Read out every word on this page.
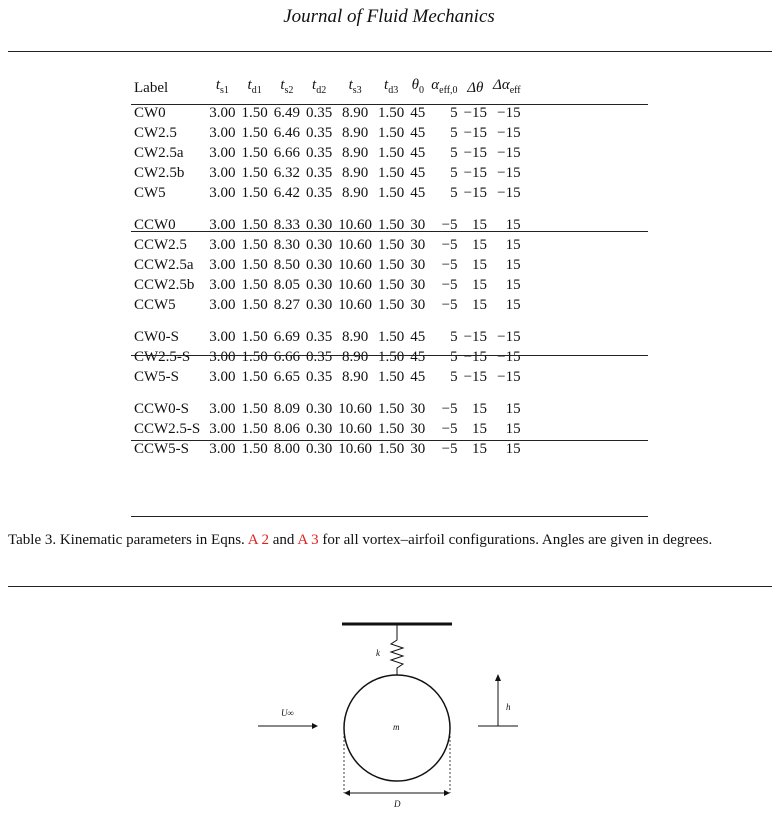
Journal of Fluid Mechanics
Label	$t_{s1}$	$t_{d1}$	$t_{s2}$	$t_{d2}$	$t_{s3}$	$t_{d3}$	$\theta_0$	$\alpha_{eff,0}$	Δθ	$\Delta\alpha_{eff}$
CW0	3.00	1.50	6.49	0.35	8.90	1.50	45	5	−15	−15
CW2.5	3.00	1.50	6.46	0.35	8.90	1.50	45	5	−15	−15
CW2.5a	3.00	1.50	6.66	0.35	8.90	1.50	45	5	−15	−15
CW2.5b	3.00	1.50	6.32	0.35	8.90	1.50	45	5	−15	−15
CW5	3.00	1.50	6.42	0.35	8.90	1.50	45	5	−15	−15

CCW0	3.00	1.50	8.33	0.30	10.60	1.50	30	−5	15	15
CCW2.5	3.00	1.50	8.30	0.30	10.60	1.50	30	−5	15	15
CCW2.5a	3.00	1.50	8.50	0.30	10.60	1.50	30	−5	15	15
CCW2.5b	3.00	1.50	8.05	0.30	10.60	1.50	30	−5	15	15
CCW5	3.00	1.50	8.27	0.30	10.60	1.50	30	−5	15	15

CW0-S	3.00	1.50	6.69	0.35	8.90	1.50	45	5	−15	−15
CW2.5-S	3.00	1.50	6.66	0.35	8.90	1.50	45	5	−15	−15
CW5-S	3.00	1.50	6.65	0.35	8.90	1.50	45	5	−15	−15

CCW0-S	3.00	1.50	8.09	0.30	10.60	1.50	30	−5	15	15
CCW2.5-S	3.00	1.50	8.06	0.30	10.60	1.50	30	−5	15	15
CCW5-S	3.00	1.50	8.00	0.30	10.60	1.50	30	−5	15	15
Table 3. Kinematic parameters in Eqns. A 2 and A 3 for all vortex–airfoil configurations. Angles are given in degrees.
k
m
U∞
h
D
